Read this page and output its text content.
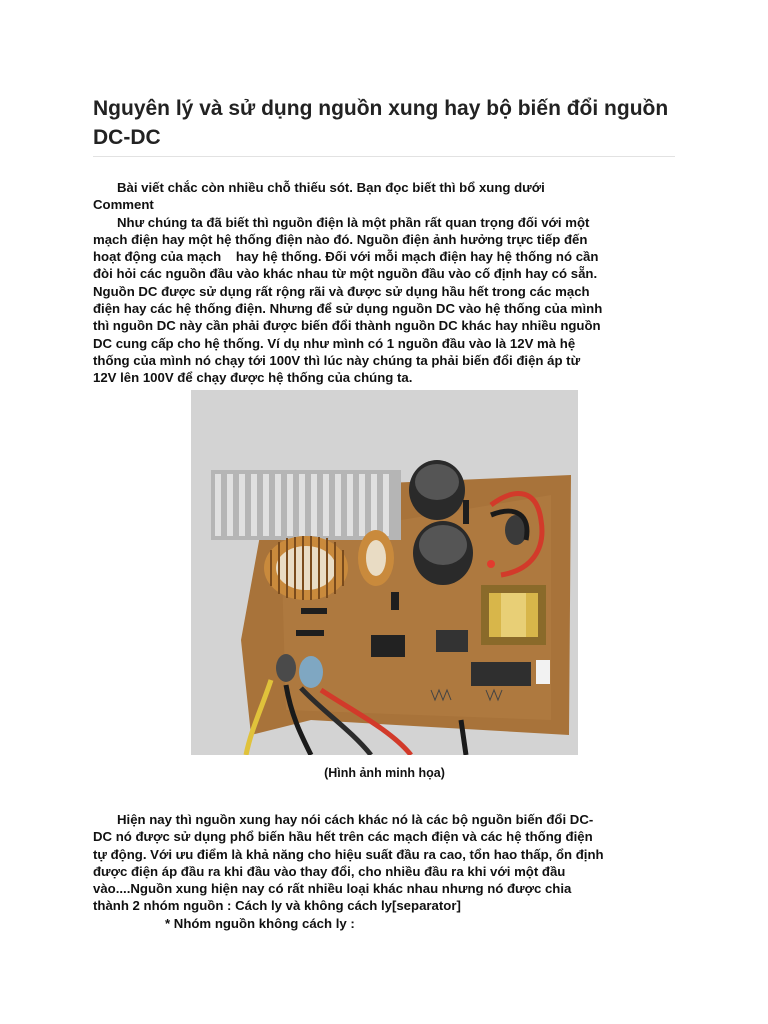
Nguyên lý và sử dụng nguồn xung hay bộ biến đổi nguồn DC-DC
Bài viết chắc còn nhiều chỗ thiếu sót. Bạn đọc biết thì bổ xung dưới
Comment
Như chúng ta đã biết thì nguồn điện là một phần rất quan trọng đối với một
mạch điện hay một hệ thống điện nào đó. Nguồn điện ảnh hưởng trực tiếp đến
hoạt động của mạch    hay hệ thống. Đối với mỗi mạch điện hay hệ thống nó cần
đòi hỏi các nguồn đầu vào khác nhau từ một nguồn đầu vào cố định hay có sẵn.
Nguồn DC được sử dụng rất rộng rãi và được sử dụng hầu hết trong các mạch
điện hay các hệ thống điện. Nhưng để sử dụng nguồn DC vào hệ thống của mình
thì nguồn DC này cần phải được biến đổi thành nguồn DC khác hay nhiều nguồn
DC cung cấp cho hệ thống. Ví dụ như mình có 1 nguồn đầu vào là 12V mà hệ
thống của mình nó chạy tới 100V thì lúc này chúng ta phải biến đổi điện áp từ
12V lên 100V để chạy được hệ thống của chúng ta.
(Hình ảnh minh họa)
Hiện nay thì nguồn xung hay nói cách khác nó là các bộ nguồn biến đổi DC-
DC nó được sử dụng phổ biến hầu hết trên các mạch điện và các hệ thống điện
tự động. Với ưu điểm là khả năng cho hiệu suất đầu ra cao, tổn hao thấp, ổn định
được điện áp đầu ra khi đầu vào thay đổi, cho nhiều đầu ra khi với một đầu
vào....Nguồn xung hiện nay có rất nhiều loại khác nhau nhưng nó được chia
thành 2 nhóm nguồn : Cách ly và không cách ly[separator]
* Nhóm nguồn không cách ly :
